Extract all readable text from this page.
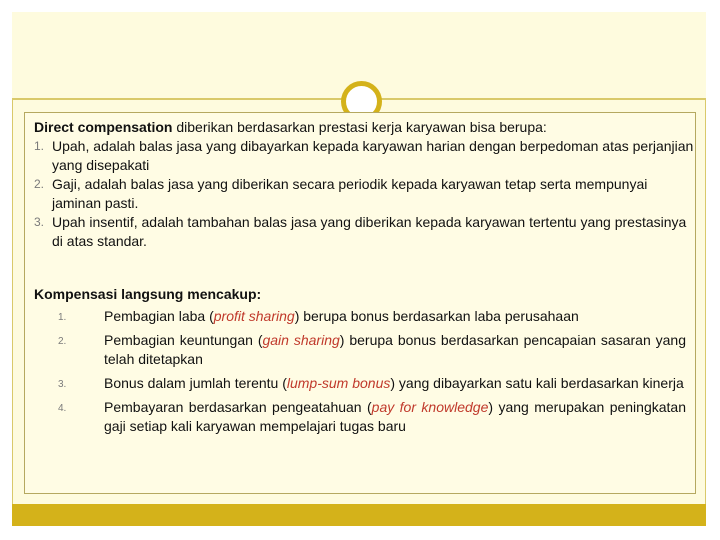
Direct compensation diberikan berdasarkan prestasi kerja karyawan bisa berupa:
1. Upah, adalah balas jasa yang dibayarkan kepada karyawan harian dengan berpedoman atas perjanjian yang disepakati
2. Gaji, adalah balas jasa yang diberikan secara periodik kepada karyawan tetap serta mempunyai jaminan pasti.
3. Upah insentif, adalah tambahan balas jasa yang diberikan kepada karyawan tertentu yang prestasinya di atas standar.
Kompensasi langsung mencakup:
1.	Pembagian laba (profit sharing) berupa bonus berdasarkan laba perusahaan
2.	Pembagian keuntungan (gain sharing) berupa bonus berdasarkan pencapaian sasaran yang telah ditetapkan
3.	Bonus dalam jumlah terentu (lump-sum bonus) yang dibayarkan satu kali berdasarkan kinerja
4.	Pembayaran berdasarkan pengeatahuan (pay for knowledge) yang merupakan peningkatan gaji setiap kali karyawan mempelajari tugas baru
